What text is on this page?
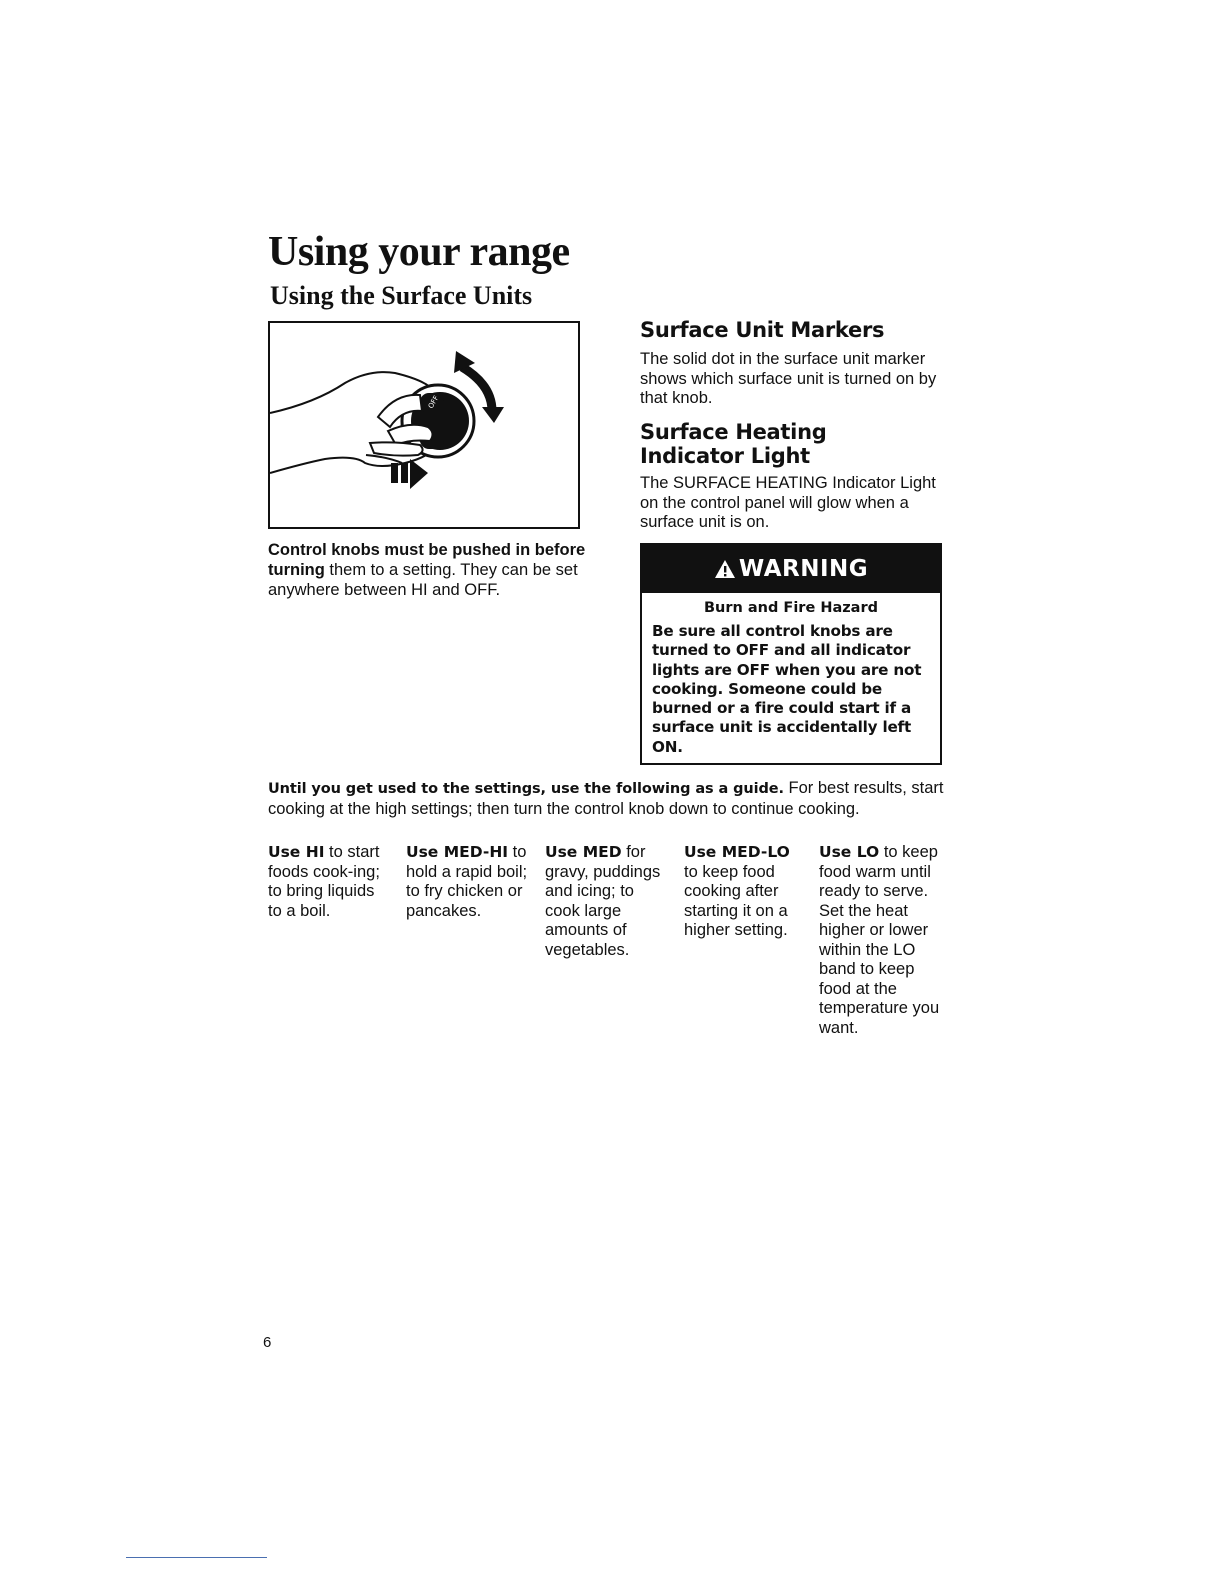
Using your range
Using the Surface Units
OFF

Control knobs must be pushed in before turning them to a setting. They can be set anywhere between HI and OFF.

Surface Unit Markers

The solid dot in the surface unit marker shows which surface unit is turned on by that knob.

Surface Heating
Indicator Light

The SURFACE HEATING Indicator Light on the control panel will glow when a surface unit is on.

WARNING

Burn and Fire Hazard

Be sure all control knobs are turned to OFF and all indicator lights are OFF when you are not cooking. Someone could be burned or a fire could start if a surface unit is accidentally left ON.

Until you get used to the settings, use the following as a guide. For best results, start cooking at the high settings; then turn the control knob down to continue cooking.

Use HI to start foods cook-ing; to bring liquids to a boil.

Use MED-HI to hold a rapid boil; to fry chicken or pancakes.

Use MED for gravy, puddings and icing; to cook large amounts of vegetables.

Use MED-LO to keep food cooking after starting it on a higher setting.

Use LO to keep food warm until ready to serve. Set the heat higher or lower within the LO band to keep food at the temperature you want.

6
